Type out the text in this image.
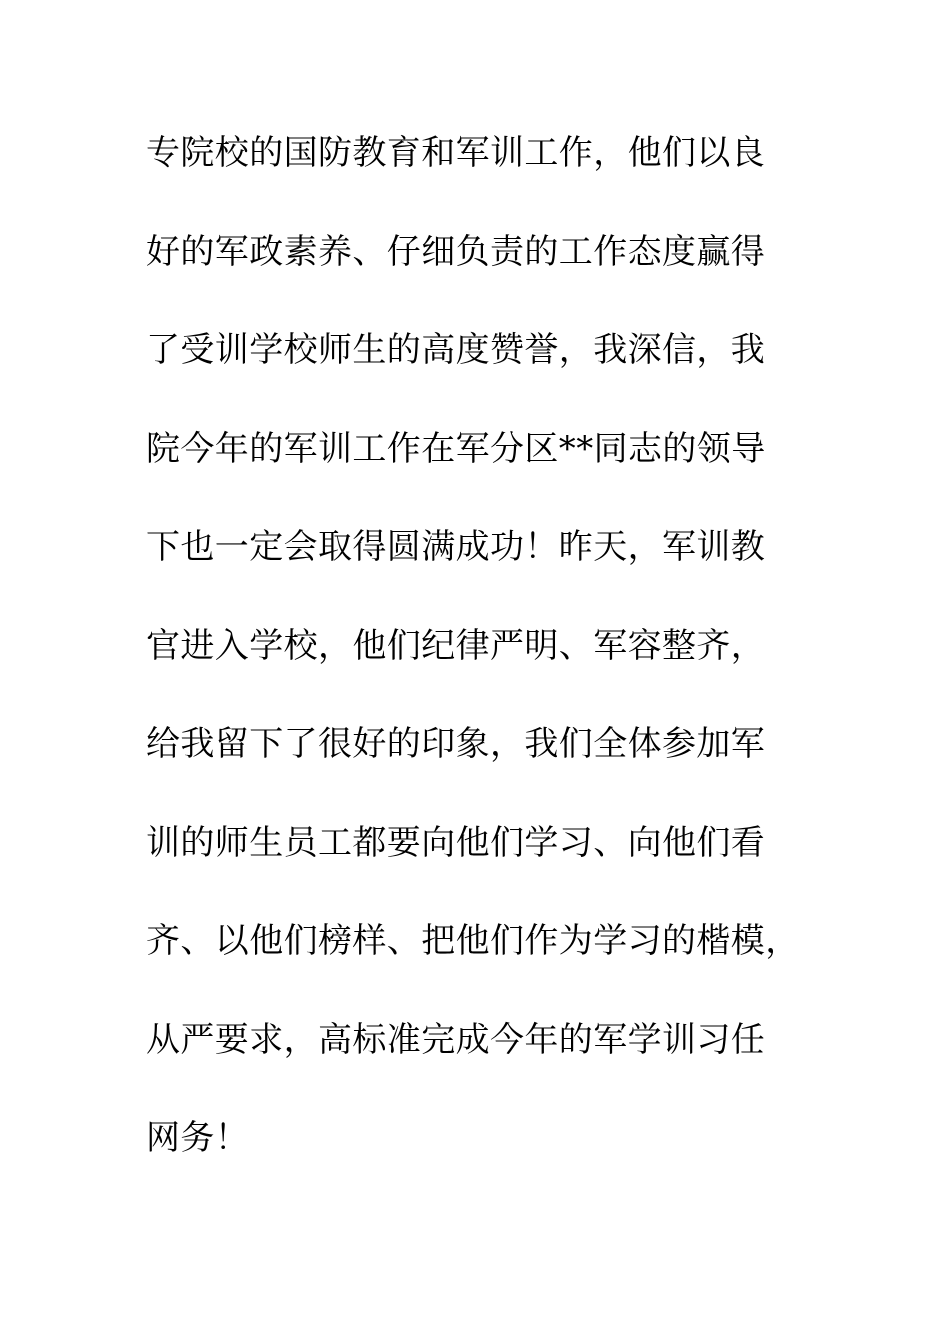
专院校的国防教育和军训工作，他们以良
好的军政素养、仔细负责的工作态度赢得
了受训学校师生的高度赞誉，我深信，我
院今年的军训工作在军分区**同志的领导
下也一定会取得圆满成功！昨天，军训教
官进入学校，他们纪律严明、军容整齐，
给我留下了很好的印象，我们全体参加军
训的师生员工都要向他们学习、向他们看
齐、以他们榜样、把他们作为学习的楷模，
从严要求，高标准完成今年的军学训习任
网务！
